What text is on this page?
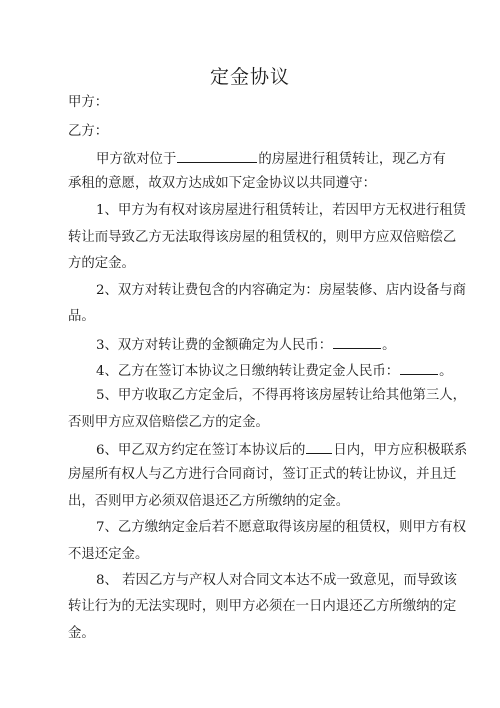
定金协议
甲方：
乙方：
甲方欲对位于	的房屋进行租赁转让，现乙方有
承租的意愿，故双方达成如下定金协议以共同遵守：
1、甲方为有权对该房屋进行租赁转让，若因甲方无权进行租赁
转让而导致乙方无法取得该房屋的租赁权的，则甲方应双倍赔偿乙
方的定金。
2、双方对转让费包含的内容确定为：房屋装修、店内设备与商
品。
3、双方对转让费的金额确定为人民币：	。
4、乙方在签订本协议之日缴纳转让费定金人民币：	。
5、甲方收取乙方定金后，不得再将该房屋转让给其他第三人，
否则甲方应双倍赔偿乙方的定金。
6、甲乙双方约定在签订本协议后的 日内，甲方应积极联系
房屋所有权人与乙方进行合同商讨，签订正式的转让协议，并且迁
出，否则甲方必须双倍退还乙方所缴纳的定金。
7、乙方缴纳定金后若不愿意取得该房屋的租赁权，则甲方有权
不退还定金。
8、 若因乙方与产权人对合同文本达不成一致意见，而导致该
转让行为的无法实现时，则甲方必须在一日内退还乙方所缴纳的定
金。
